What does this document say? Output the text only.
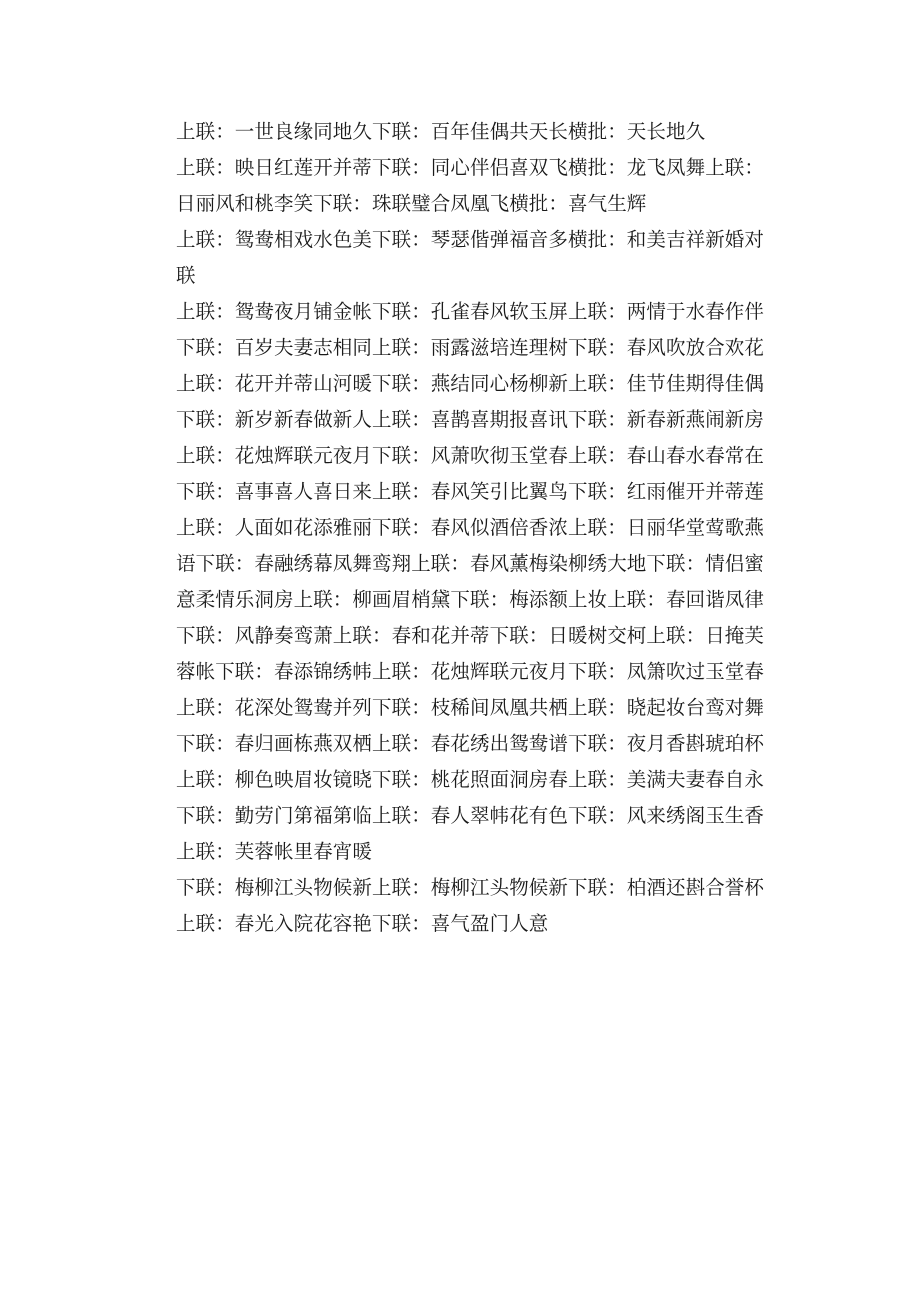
上联：一世良缘同地久下联：百年佳偶共天长横批：天长地久
上联：映日红莲开并蒂下联：同心伴侣喜双飞横批：龙飞凤舞上联：
日丽风和桃李笑下联：珠联璧合凤凰飞横批：喜气生辉
上联：鸳鸯相戏水色美下联：琴瑟偕弹福音多横批：和美吉祥新婚对
联
上联：鸳鸯夜月铺金帐下联：孔雀春风软玉屏上联：两情于水春作伴
下联：百岁夫妻志相同上联：雨露滋培连理树下联：春风吹放合欢花
上联：花开并蒂山河暖下联：燕结同心杨柳新上联：佳节佳期得佳偶
下联：新岁新春做新人上联：喜鹊喜期报喜讯下联：新春新燕闹新房
上联：花烛辉联元夜月下联：风萧吹彻玉堂春上联：春山春水春常在
下联：喜事喜人喜日来上联：春风笑引比翼鸟下联：红雨催开并蒂莲
上联：人面如花添雅丽下联：春风似酒倍香浓上联：日丽华堂莺歌燕
语下联：春融绣幕凤舞鸾翔上联：春风薰梅染柳绣大地下联：情侣蜜
意柔情乐洞房上联：柳画眉梢黛下联：梅添额上妆上联：春回谐凤律
下联：风静奏鸾萧上联：春和花并蒂下联：日暖树交柯上联：日掩芙
蓉帐下联：春添锦绣帏上联：花烛辉联元夜月下联：凤箫吹过玉堂春
上联：花深处鸳鸯并列下联：枝稀间凤凰共栖上联：晓起妆台鸾对舞
下联：春归画栋燕双栖上联：春花绣出鸳鸯谱下联：夜月香斟琥珀杯
上联：柳色映眉妆镜晓下联：桃花照面洞房春上联：美满夫妻春自永
下联：勤劳门第福第临上联：春人翠帏花有色下联：风来绣阁玉生香
上联：芙蓉帐里春宵暖
下联：梅柳江头物候新上联：梅柳江头物候新下联：柏酒还斟合誉杯
上联：春光入院花容艳下联：喜气盈门人意
